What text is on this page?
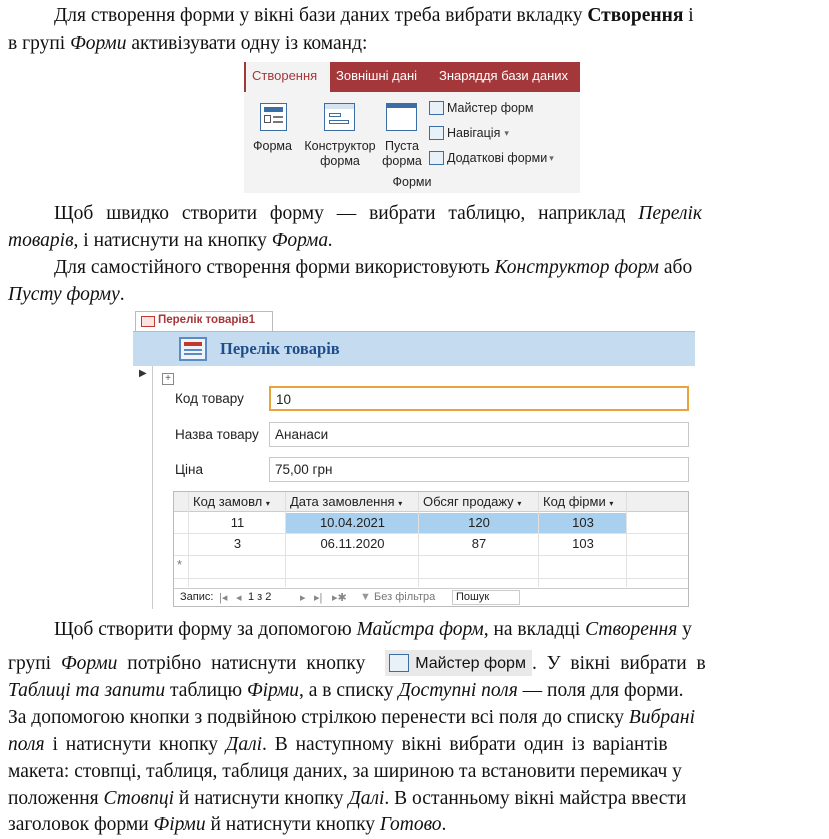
Для створення форми у вікні бази даних треба вибрати вкладку Створення і
в групі Форми активізувати одну із команд:
Створення	Зовнішні дані Знаряддя бази даних
Форма Конструктор
форма
Пуста
форма
Майстер форм
Навігація ▾
Додаткові форми ▾
Форми
Щоб швидко створити форму — вибрати таблицю, наприклад Перелік
товарів, і натиснути на кнопку Форма.
Для самостійного створення форми використовують Конструктор форм або
Пусту форму.
Перелік товарів1
Перелік товарів
▶	+
Код товару	10
Назва товару	Ананаси
Ціна	75,00 грн
Код замовл ▾	Дата замовлення ▾	Обсяг продажу ▾	Код фірми ▾
11	10.04.2021	120	103
3	06.11.2020	87	103
*
Запис: |◂ ◂ 1 з 2	▸ ▸| ▸✱ ▼ Без фільтра	Пошук
Щоб створити форму за допомогою Майстра форм, на вкладці Створення у
групі Форми потрібно натиснути кнопку	Майстер форм . У вікні вибрати в
Таблиці та запити таблицю Фірми, а в списку Доступні поля — поля для форми.
За допомогою кнопки з подвійною стрілкою перенести всі поля до списку Вибрані
поля і натиснути кнопку Далі. В наступному вікні вибрати один із варіантів
макета: стовпці, таблиця, таблиця даних, за шириною та встановити перемикач у
положення Стовпці й натиснути кнопку Далі. В останньому вікні майстра ввести
заголовок форми Фірми й натиснути кнопку Готово.
